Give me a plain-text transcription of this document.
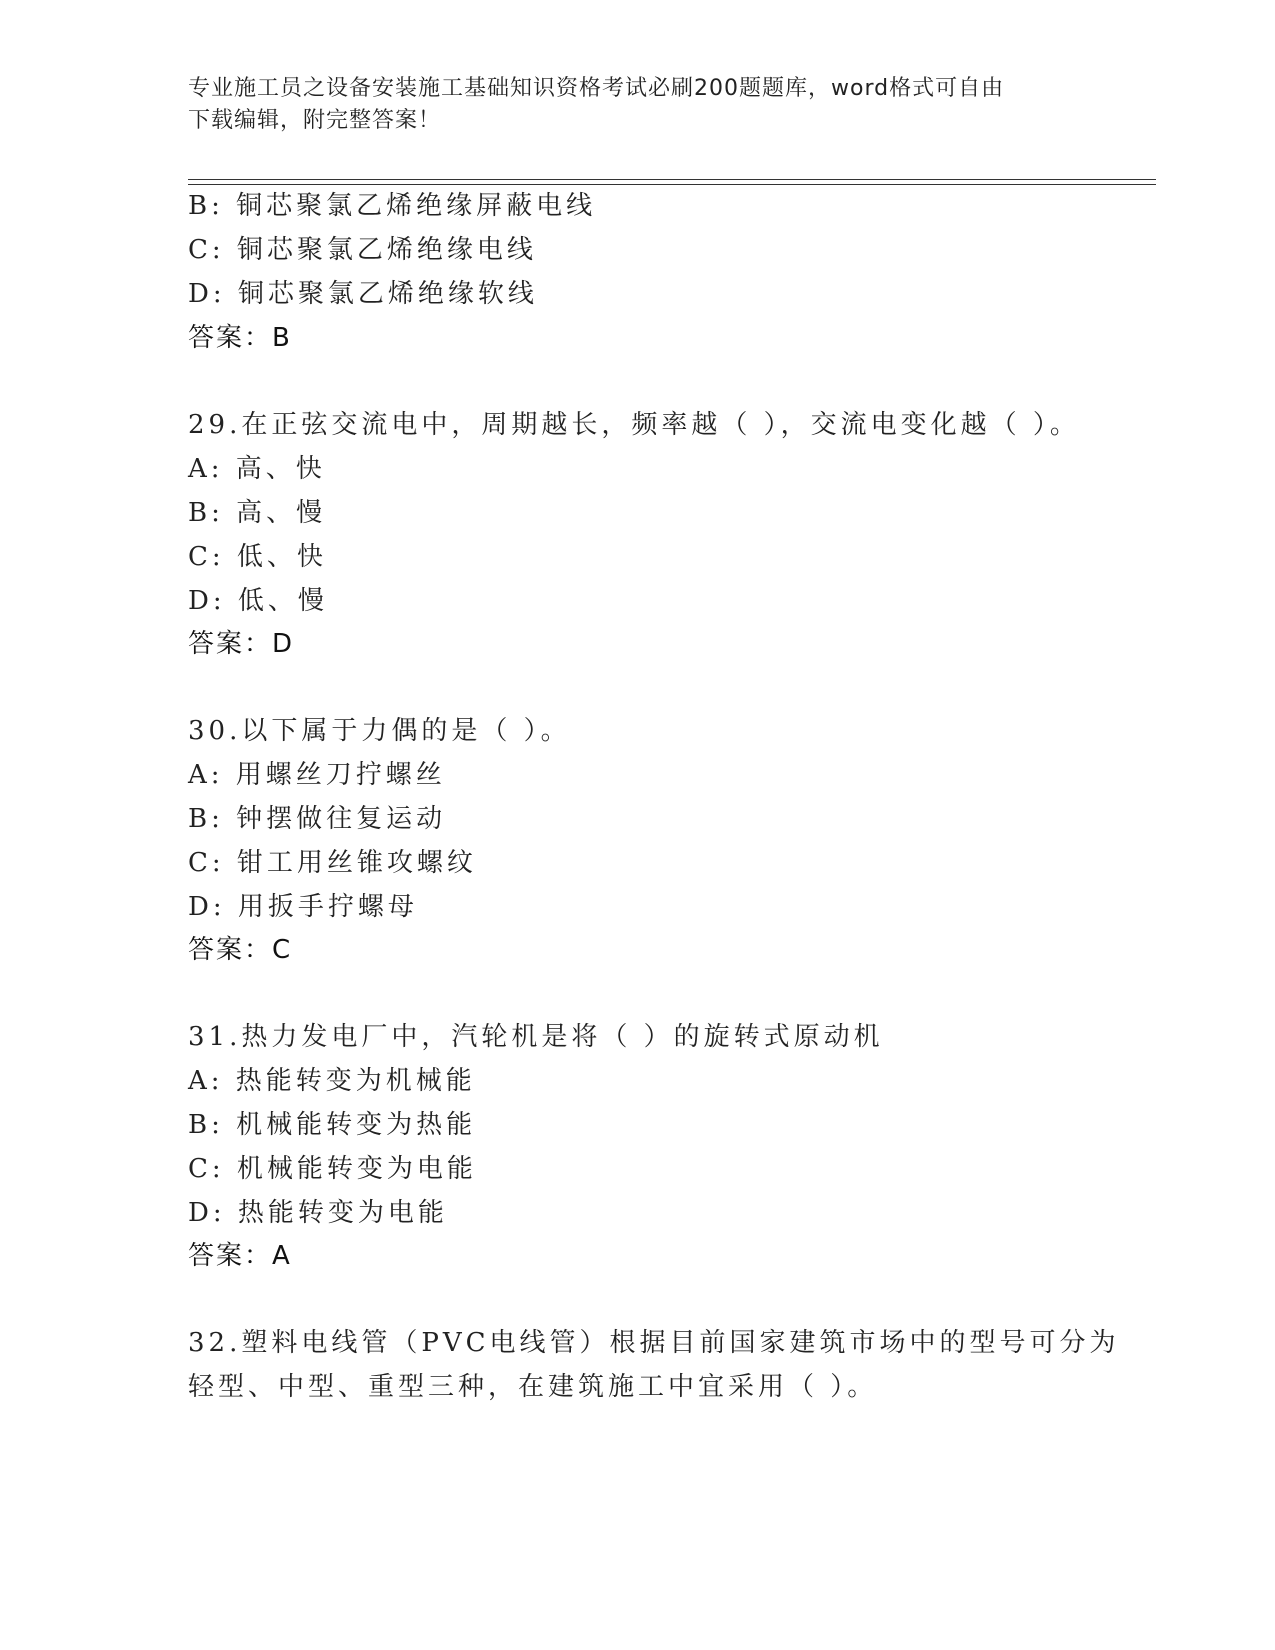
专业施工员之设备安装施工基础知识资格考试必刷200题题库，word格式可自由
下载编辑，附完整答案！
B: 铜芯聚氯乙烯绝缘屏蔽电线
C: 铜芯聚氯乙烯绝缘电线
D: 铜芯聚氯乙烯绝缘软线
答案：B
29.在正弦交流电中，周期越长，频率越（ ），交流电变化越（ ）。
A: 高、快
B: 高、慢
C: 低、快
D: 低、慢
答案：D
30.以下属于力偶的是（ ）。
A: 用螺丝刀拧螺丝
B: 钟摆做往复运动
C: 钳工用丝锥攻螺纹
D: 用扳手拧螺母
答案：C
31.热力发电厂中，汽轮机是将（ ）的旋转式原动机
A: 热能转变为机械能
B: 机械能转变为热能
C: 机械能转变为电能
D: 热能转变为电能
答案：A
32.塑料电线管（PVC电线管）根据目前国家建筑市场中的型号可分为
轻型、中型、重型三种，在建筑施工中宜采用（ ）。
